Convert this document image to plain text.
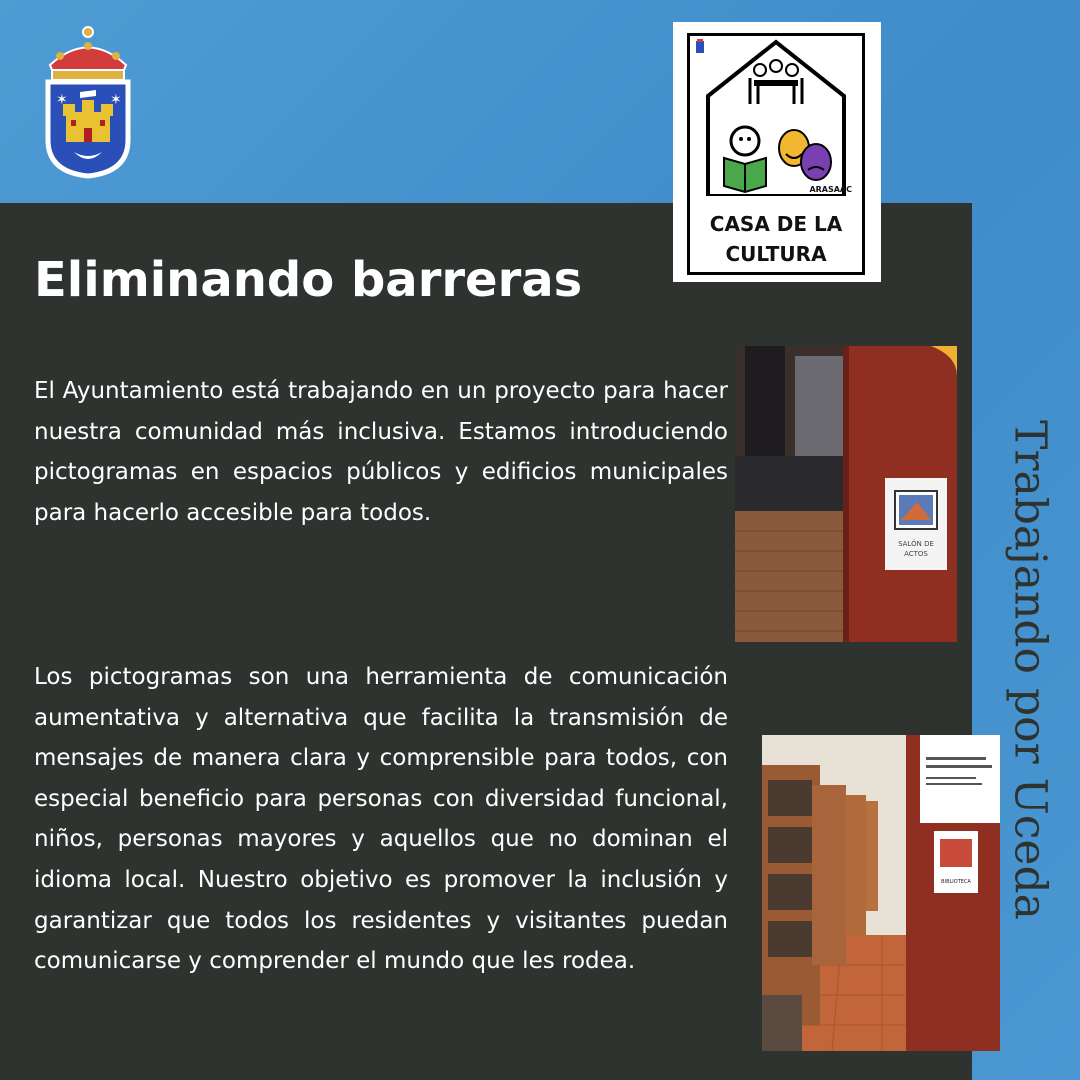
✶	✶
Eliminando barreras

El Ayuntamiento está trabajando en un proyecto para hacer nuestra comunidad más inclusiva. Estamos introduciendo pictogramas en espacios públicos y edificios municipales para hacerlo accesible para todos.

Los pictogramas son una herramienta de comunicación aumentativa y alternativa que facilita la transmisión de mensajes de manera clara y comprensible para todos, con especial beneficio para personas con diversidad funcional, niños, personas mayores y aquellos que no dominan el idioma local. Nuestro objetivo es promover la inclusión y garantizar que todos los residentes y visitantes puedan comunicarse y comprender el mundo que les rodea.

ARASAAC
CASA DE LA
CULTURA
SALÓN DE
ACTOS
BIBLIOTECA Trabajando por Uceda
